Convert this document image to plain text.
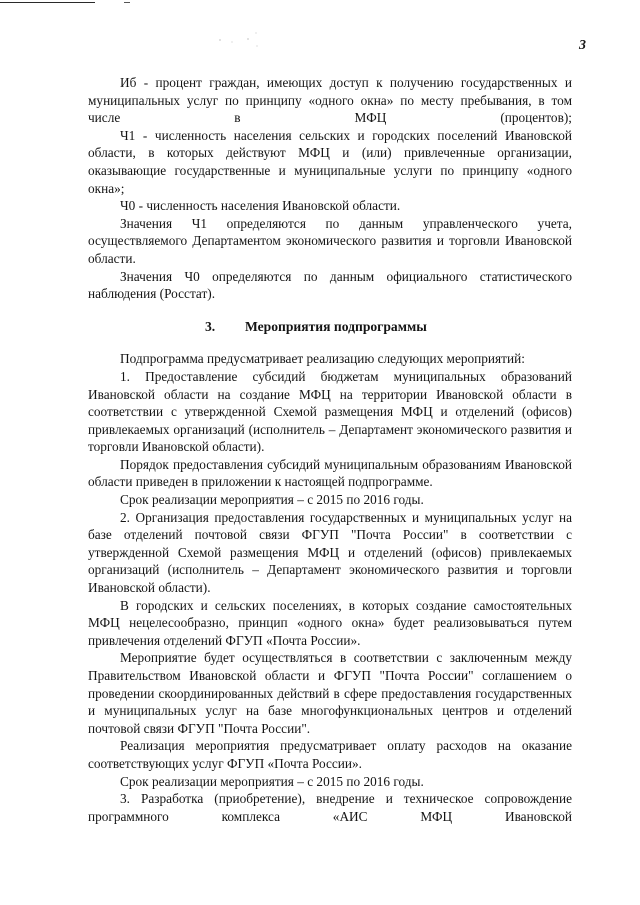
3

Иб - процент граждан, имеющих доступ к получению государственных и муниципальных услуг по принципу «одного окна» по месту пребывания, в том числе в МФЦ (процентов);

Ч1 - численность населения сельских и городских поселений Ивановской области, в которых действуют МФЦ и (или) привлеченные организации, оказывающие государственные и муниципальные услуги по принципу «одного окна»;

Ч0 - численность населения Ивановской области.

Значения Ч1 определяются по данным управленческого учета, осуществляемого Департаментом экономического развития и торговли Ивановской области.

Значения Ч0 определяются по данным официального статистического наблюдения (Росстат).

3. Мероприятия подпрограммы

Подпрограмма предусматривает реализацию следующих мероприятий:

1. Предоставление субсидий бюджетам муниципальных образований Ивановской области на создание МФЦ на территории Ивановской области в соответствии с утвержденной Схемой размещения МФЦ и отделений (офисов) привлекаемых организаций (исполнитель – Департамент экономического развития и торговли Ивановской области).

Порядок предоставления субсидий муниципальным образованиям Ивановской области приведен в приложении к настоящей подпрограмме.

Срок реализации мероприятия – с 2015 по 2016 годы.

2. Организация предоставления государственных и муниципальных услуг на базе отделений почтовой связи ФГУП "Почта России" в соответствии с утвержденной Схемой размещения МФЦ и отделений (офисов) привлекаемых организаций (исполнитель – Департамент экономического развития и торговли Ивановской области).

В городских и сельских поселениях, в которых создание самостоятельных МФЦ нецелесообразно, принцип «одного окна» будет реализовываться путем привлечения отделений ФГУП «Почта России».

Мероприятие будет осуществляться в соответствии с заключенным между Правительством Ивановской области и ФГУП "Почта России" соглашением о проведении скоординированных действий в сфере предоставления государственных и муниципальных услуг на базе многофункциональных центров и отделений почтовой связи ФГУП "Почта России".

Реализация мероприятия предусматривает оплату расходов на оказание соответствующих услуг ФГУП «Почта России».

Срок реализации мероприятия – с 2015 по 2016 годы.

3. Разработка (приобретение), внедрение и техническое сопровождение программного комплекса «АИС МФЦ Ивановской
